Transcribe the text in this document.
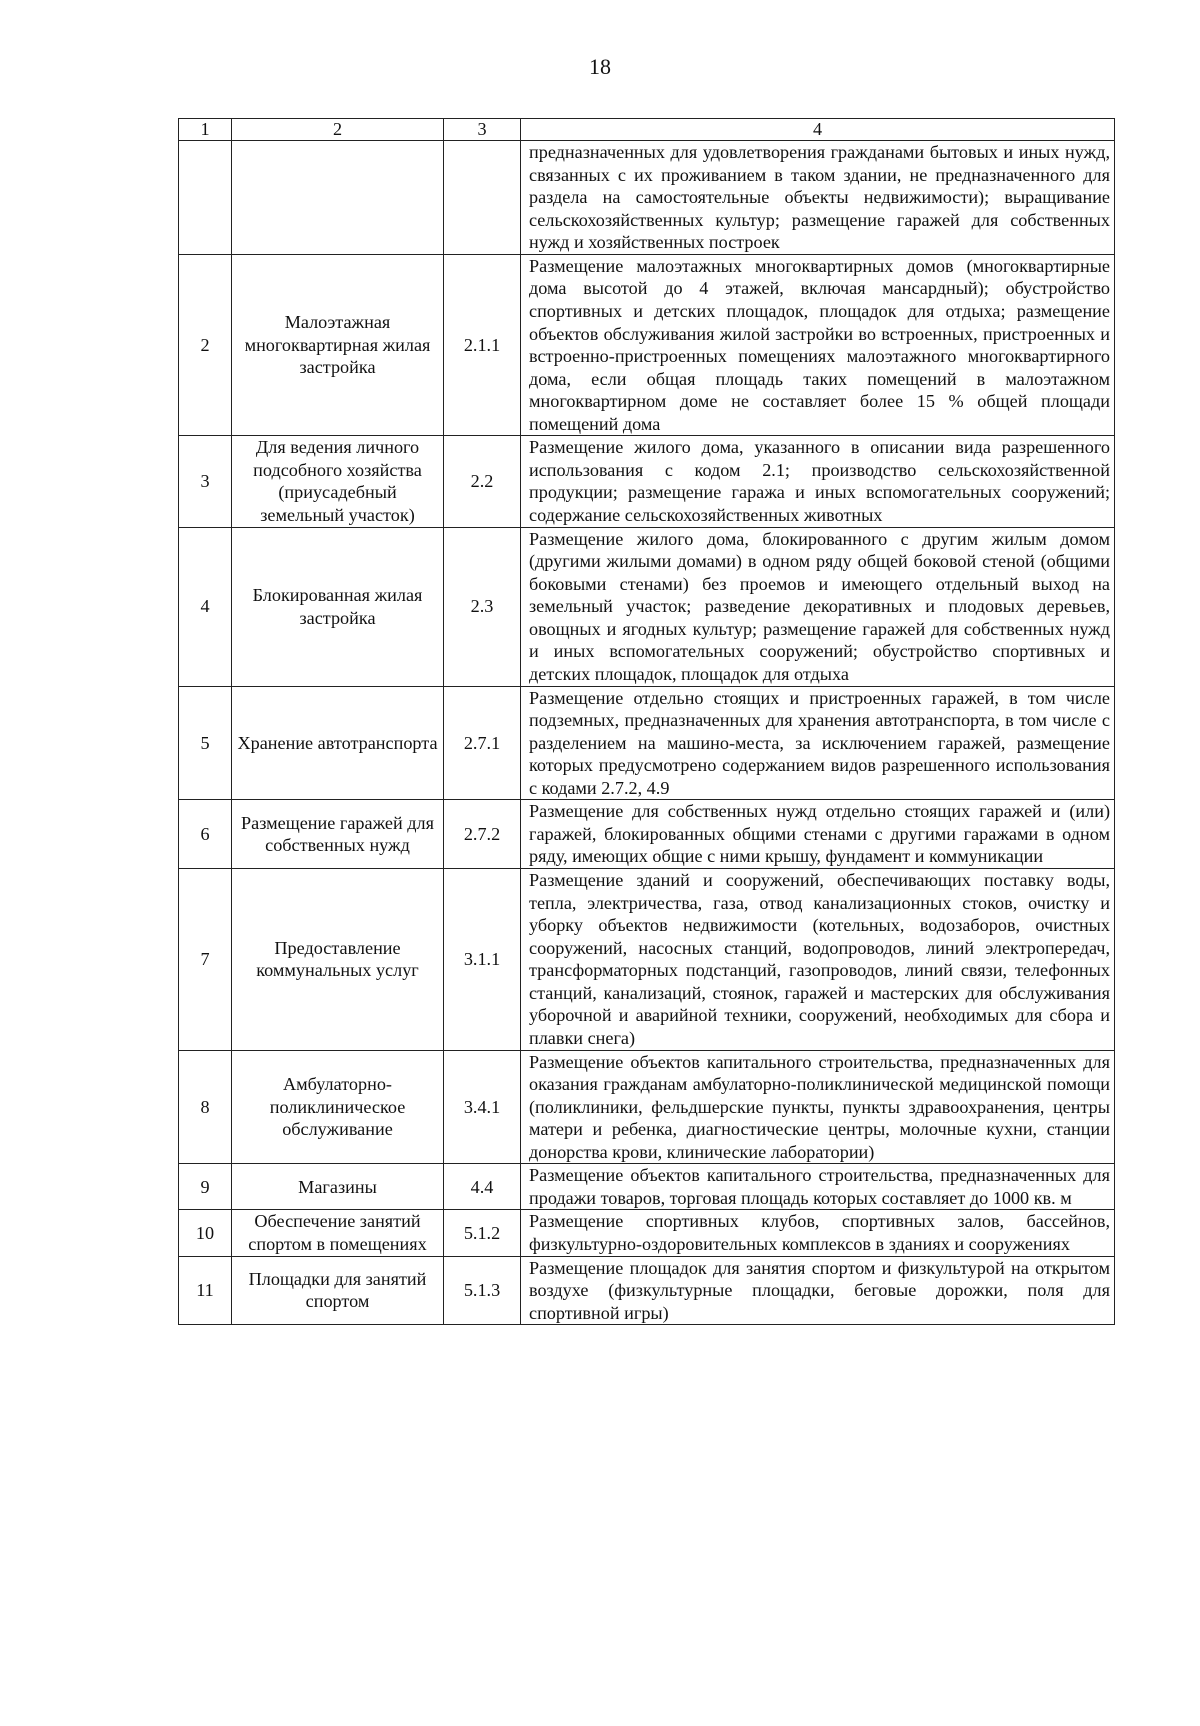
18
1	2	3	4
			предназначенных для удовлетворения гражданами бытовых и иных нужд, связанных с их проживанием в таком здании, не предназначенного для раздела на самостоятельные объекты недвижимости); выращивание сельскохозяйственных культур; размещение гаражей для собственных нужд и хозяйственных построек
2	Малоэтажная многоквартирная жилая застройка	2.1.1	Размещение малоэтажных многоквартирных домов (многоквартирные дома высотой до 4 этажей, включая мансардный); обустройство спортивных и детских площадок, площадок для отдыха; размещение объектов обслуживания жилой застройки во встроенных, пристроенных и встроенно-пристроенных помещениях малоэтажного многоквартирного дома, если общая площадь таких помещений в малоэтажном многоквартирном доме не составляет более 15 % общей площади помещений дома
3	Для ведения личного подсобного хозяйства (приусадебный земельный участок)	2.2	Размещение жилого дома, указанного в описании вида разрешенного использования с кодом 2.1; производство сельскохозяйственной продукции; размещение гаража и иных вспомогательных сооружений; содержание сельскохозяйственных животных
4	Блокированная жилая застройка	2.3	Размещение жилого дома, блокированного с другим жилым домом (другими жилыми домами) в одном ряду общей боковой стеной (общими боковыми стенами) без проемов и имеющего отдельный выход на земельный участок; разведение декоративных и плодовых деревьев, овощных и ягодных культур; размещение гаражей для собственных нужд и иных вспомогательных сооружений; обустройство спортивных и детских площадок, площадок для отдыха
5	Хранение автотранспорта	2.7.1	Размещение отдельно стоящих и пристроенных гаражей, в том числе подземных, предназначенных для хранения автотранспорта, в том числе с разделением на машино-места, за исключением гаражей, размещение которых предусмотрено содержанием видов разрешенного использования с кодами 2.7.2, 4.9
6	Размещение гаражей для собственных нужд	2.7.2	Размещение для собственных нужд отдельно стоящих гаражей и (или) гаражей, блокированных общими стенами с другими гаражами в одном ряду, имеющих общие с ними крышу, фундамент и коммуникации
7	Предоставление коммунальных услуг	3.1.1	Размещение зданий и сооружений, обеспечивающих поставку воды, тепла, электричества, газа, отвод канализационных стоков, очистку и уборку объектов недвижимости (котельных, водозаборов, очистных сооружений, насосных станций, водопроводов, линий электропередач, трансформаторных подстанций, газопроводов, линий связи, телефонных станций, канализаций, стоянок, гаражей и мастерских для обслуживания уборочной и аварийной техники, сооружений, необходимых для сбора и плавки снега)
8	Амбулаторно-поликлиническое обслуживание	3.4.1	Размещение объектов капитального строительства, предназначенных для оказания гражданам амбулаторно-поликлинической медицинской помощи (поликлиники, фельдшерские пункты, пункты здравоохранения, центры матери и ребенка, диагностические центры, молочные кухни, станции донорства крови, клинические лаборатории)
9	Магазины	4.4	Размещение объектов капитального строительства, предназначенных для продажи товаров, торговая площадь которых составляет до 1000 кв. м
10	Обеспечение занятий спортом в помещениях	5.1.2	Размещение спортивных клубов, спортивных залов, бассейнов, физкультурно-оздоровительных комплексов в зданиях и сооружениях
11	Площадки для занятий спортом	5.1.3	Размещение площадок для занятия спортом и физкультурой на открытом воздухе (физкультурные площадки, беговые дорожки, поля для спортивной игры)
